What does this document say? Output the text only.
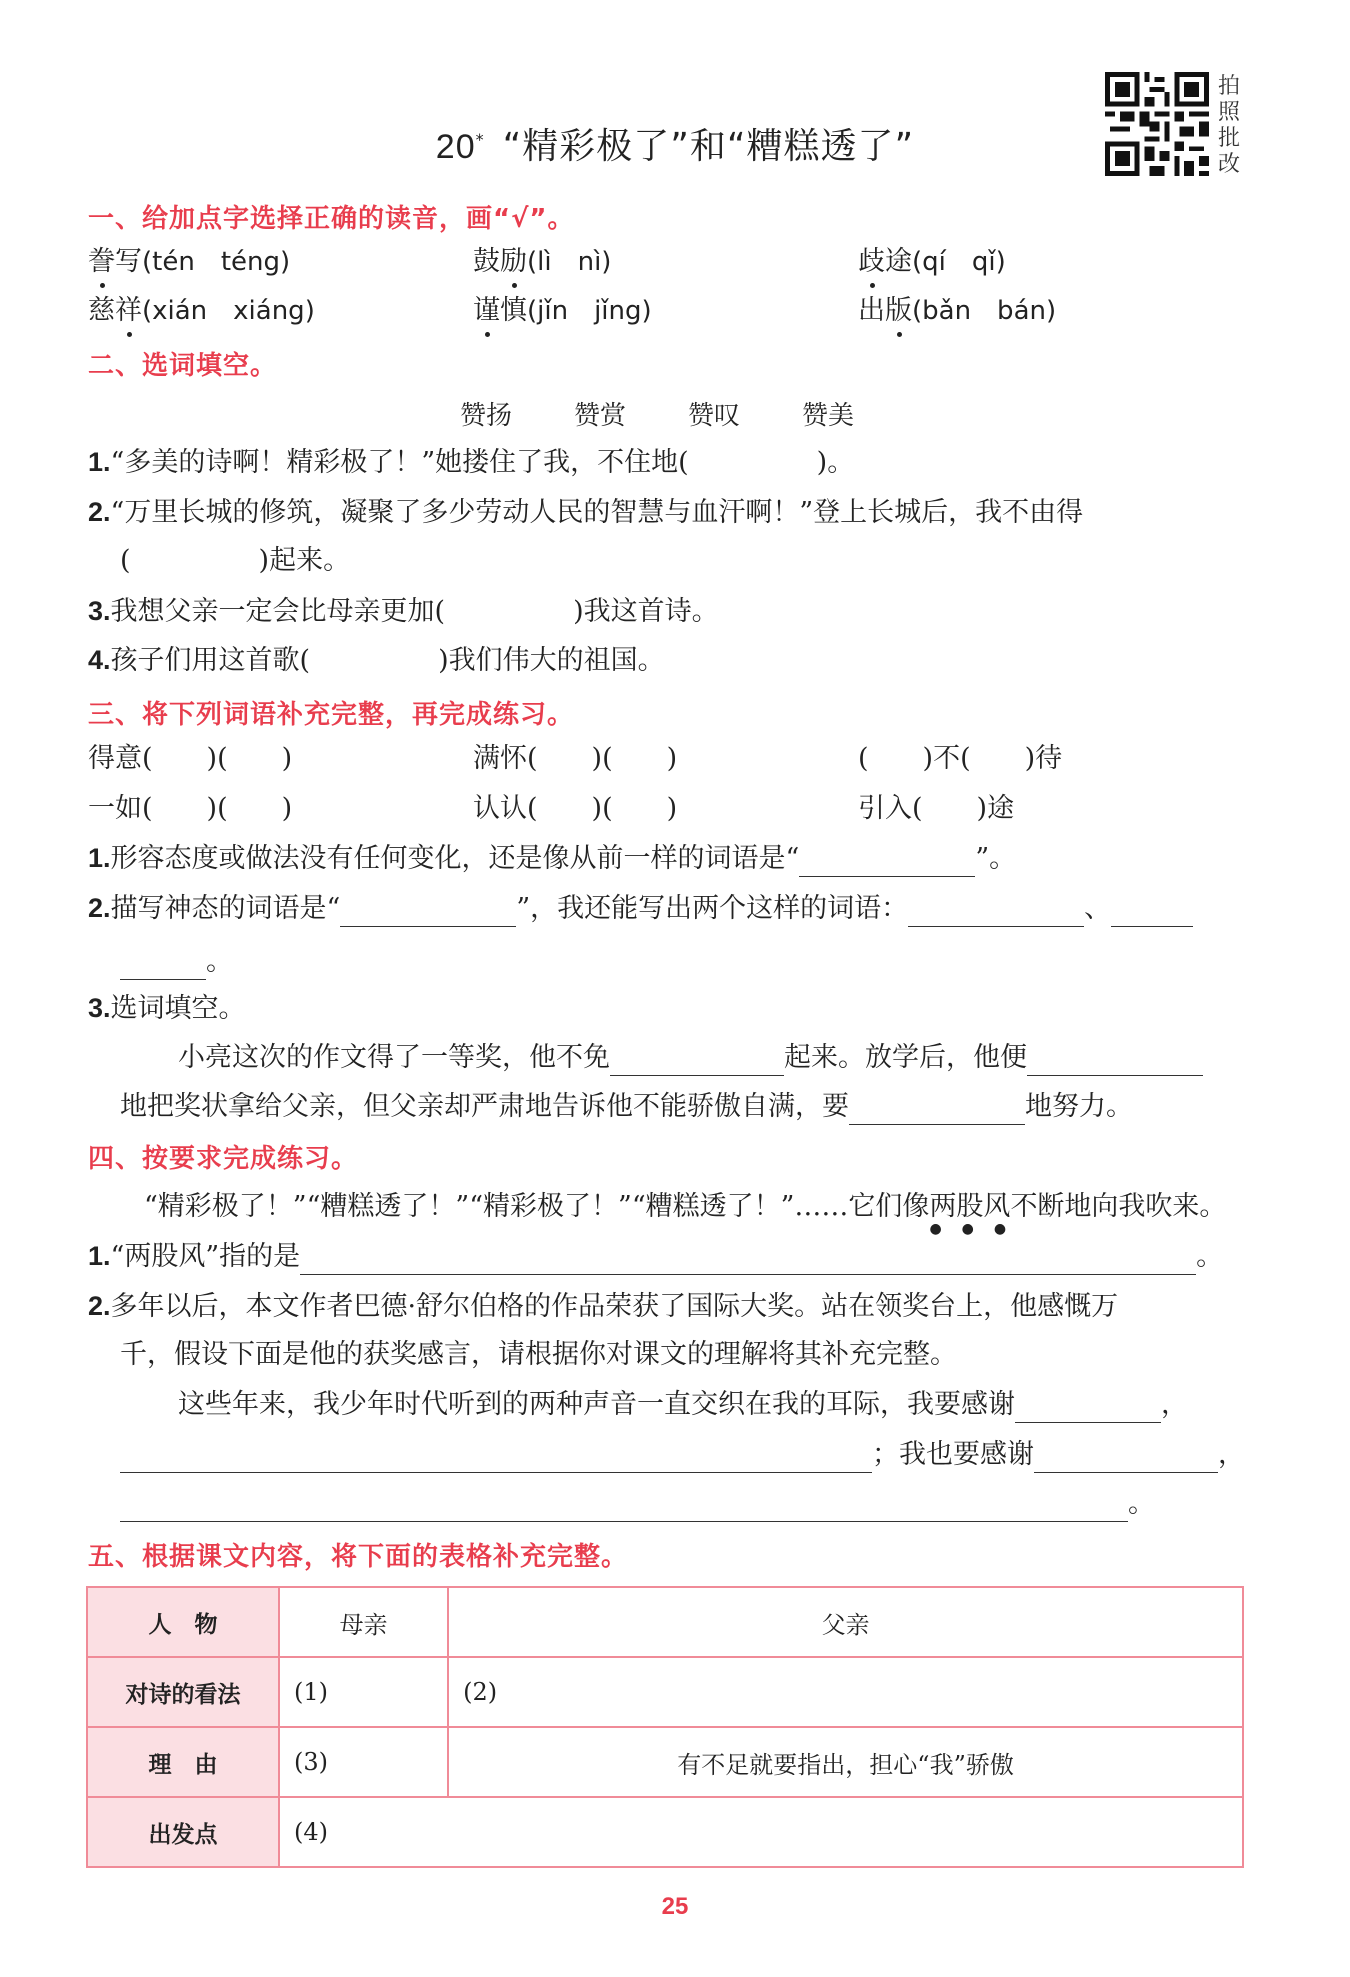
20* “精彩极了”和“糟糕透了”
拍
照
批
改
一、给加点字选择正确的读音，画“√”。
誊写(tén　téng)	鼓励(lì　nì)	歧途(qí　qǐ)
慈祥(xián　xiáng)	谨慎(jǐn　jǐng)	出版(bǎn　bán)
二、选词填空。
赞扬 赞赏 赞叹 赞美
1.“多美的诗啊！精彩极了！”她搂住了我，不住地(	)。
2.“万里长城的修筑，凝聚了多少劳动人民的智慧与血汗啊！”登上长城后，我不由得
(	)起来。
3.我想父亲一定会比母亲更加(	)我这首诗。
4.孩子们用这首歌(	)我们伟大的祖国。
三、将下列词语补充完整，再完成练习。
得意(　　)(　　)	满怀(　　)(　　)	(　　)不(　　)待
一如(　　)(　　)	认认(　　)(　　)	引入(　　)途
1.形容态度或做法没有任何变化，还是像从前一样的词语是“	”。
2.描写神态的词语是“	”，我还能写出两个这样的词语：	、
。
3.选词填空。
小亮这次的作文得了一等奖，他不免	起来。放学后，他便
地把奖状拿给父亲，但父亲却严肃地告诉他不能骄傲自满，要	地努力。
四、按要求完成练习。
“精彩极了！”“糟糕透了！”“精彩极了！”“糟糕透了！”……它们像两股风
●●●
不断地向我吹来。
1.“两股风”指的是	。
2.多年以后，本文作者巴德·舒尔伯格的作品荣获了国际大奖。站在领奖台上，他感慨万
千，假设下面是他的获奖感言，请根据你对课文的理解将其补充完整。
这些年来，我少年时代听到的两种声音一直交织在我的耳际，我要感谢	，
；我也要感谢	，
。
五、根据课文内容，将下面的表格补充完整。
人　物	母亲	父亲
对诗的看法	(1)	(2)
理　由	(3)	有不足就要指出，担心“我”骄傲
出发点	(4)	
25
